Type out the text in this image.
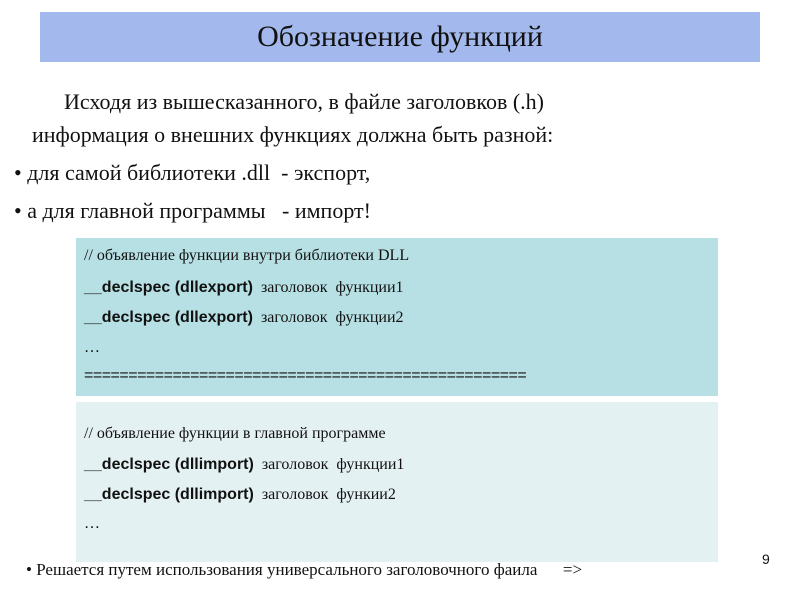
Обозначение функций
Исходя из вышесказанного, в файле заголовков (.h)
информация о внешних функциях должна быть разной:
• для самой библиотеки .dll  - экспорт,
• а для главной программы   - импорт!
// объявление функции внутри библиотеки DLL
__declspec (dllexport)  заголовок  функции1
__declspec (dllexport)  заголовок  функции2
…
==================================================
// объявление функции в главной программе
__declspec (dllimport)  заголовок  функции1
__declspec (dllimport)  заголовок  функии2
…
• Решается путем использования универсального заголовочного фаила      =>
9
